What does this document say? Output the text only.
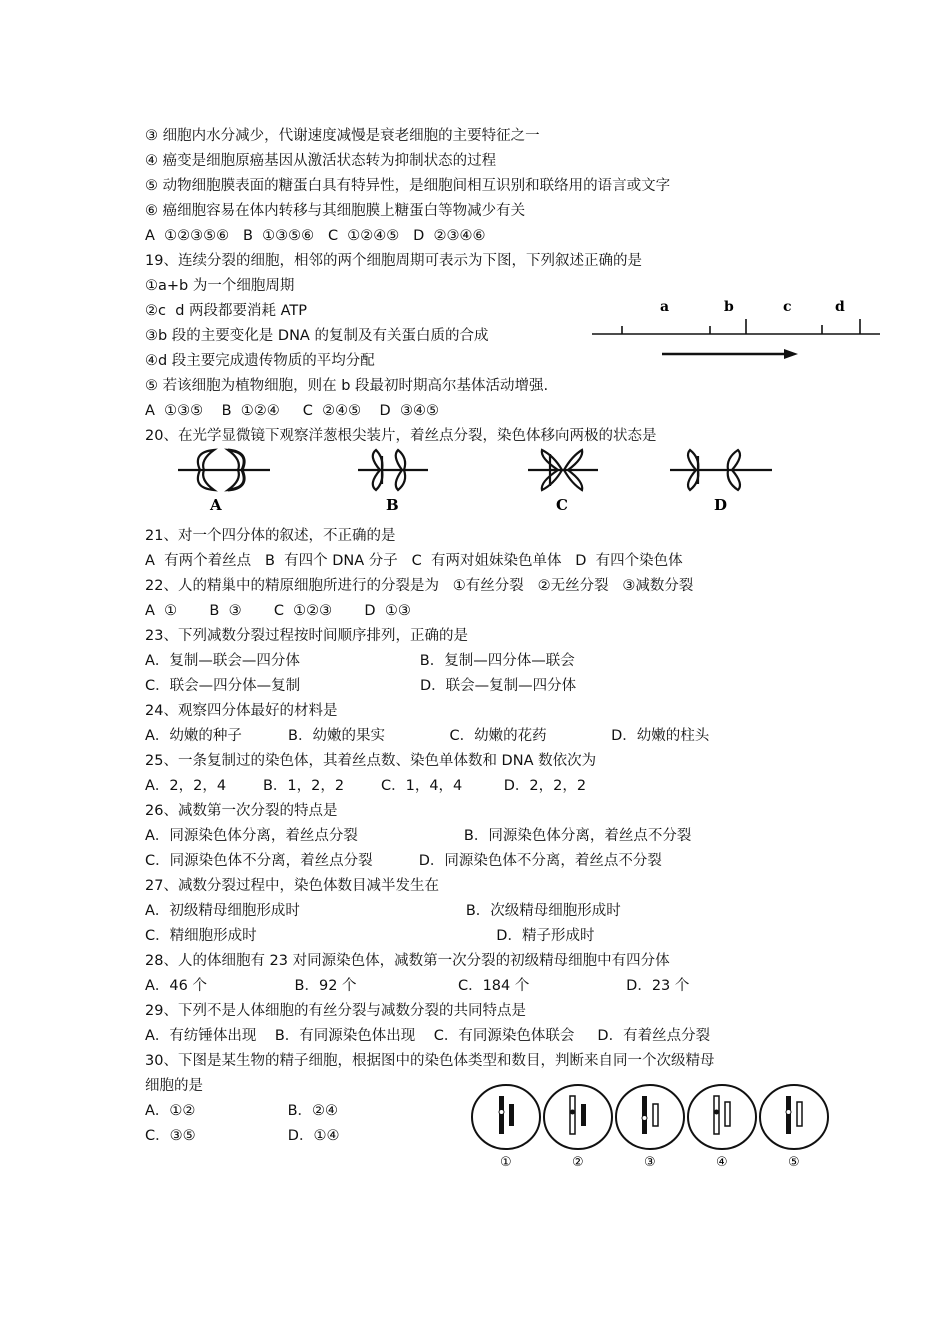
③ 细胞内水分减少，代谢速度减慢是衰老细胞的主要特征之一
④ 癌变是细胞原癌基因从激活状态转为抑制状态的过程
⑤ 动物细胞膜表面的糖蛋白具有特异性，是细胞间相互识别和联络用的语言或文字
⑥ 癌细胞容易在体内转移与其细胞膜上糖蛋白等物减少有关
A  ①②③⑤⑥   B  ①③⑤⑥   C  ①②④⑤   D  ②③④⑥
19、连续分裂的细胞，相邻的两个细胞周期可表示为下图，下列叙述正确的是
①a+b 为一个细胞周期
②c  d 两段都要消耗 ATP
③b 段的主要变化是 DNA 的复制及有关蛋白质的合成
④d 段主要完成遗传物质的平均分配
⑤ 若该细胞为植物细胞，则在 b 段最初时期高尔基体活动增强.
A  ①③⑤    B  ①②④     C  ②④⑤    D  ③④⑤
20、在光学显微镜下观察洋葱根尖装片，着丝点分裂，染色体移向两极的状态是
21、对一个四分体的叙述，不正确的是
A  有两个着丝点   B  有四个 DNA 分子   C  有两对姐妹染色单体   D  有四个染色体
22、人的精巢中的精原细胞所进行的分裂是为   ①有丝分裂   ②无丝分裂   ③减数分裂
A  ①       B  ③       C  ①②③       D  ①③
23、下列减数分裂过程按时间顺序排列，正确的是
A．复制—联会—四分体                          B．复制—四分体—联会
C．联会—四分体—复制                          D．联会—复制—四分体
24、观察四分体最好的材料是
A．幼嫩的种子          B．幼嫩的果实              C．幼嫩的花药              D．幼嫩的柱头
25、一条复制过的染色体，其着丝点数、染色单体数和 DNA 数依次为
A．2，2，4        B．1，2，2        C．1，4，4         D．2，2，2
26、减数第一次分裂的特点是
A．同源染色体分离，着丝点分裂                       B．同源染色体分离，着丝点不分裂
C．同源染色体不分离，着丝点分裂          D．同源染色体不分离，着丝点不分裂
27、减数分裂过程中，染色体数目减半发生在
A．初级精母细胞形成时                                    B．次级精母细胞形成时
C．精细胞形成时                                                    D．精子形成时
28、人的体细胞有 23 对同源染色体，减数第一次分裂的初级精母细胞中有四分体
A．46 个                   B．92 个                      C．184 个                     D．23 个
29、下列不是人体细胞的有丝分裂与减数分裂的共同特点是
A．有纺锤体出现    B．有同源染色体出现    C．有同源染色体联会     D．有着丝点分裂
30、下图是某生物的精子细胞，根据图中的染色体类型和数目，判断来自同一个次级精母
细胞的是
A．①②                    B．②④
C．③⑤                    D．①④
a	b	c	d
A	B	C	D
①	②	③	④	⑤
